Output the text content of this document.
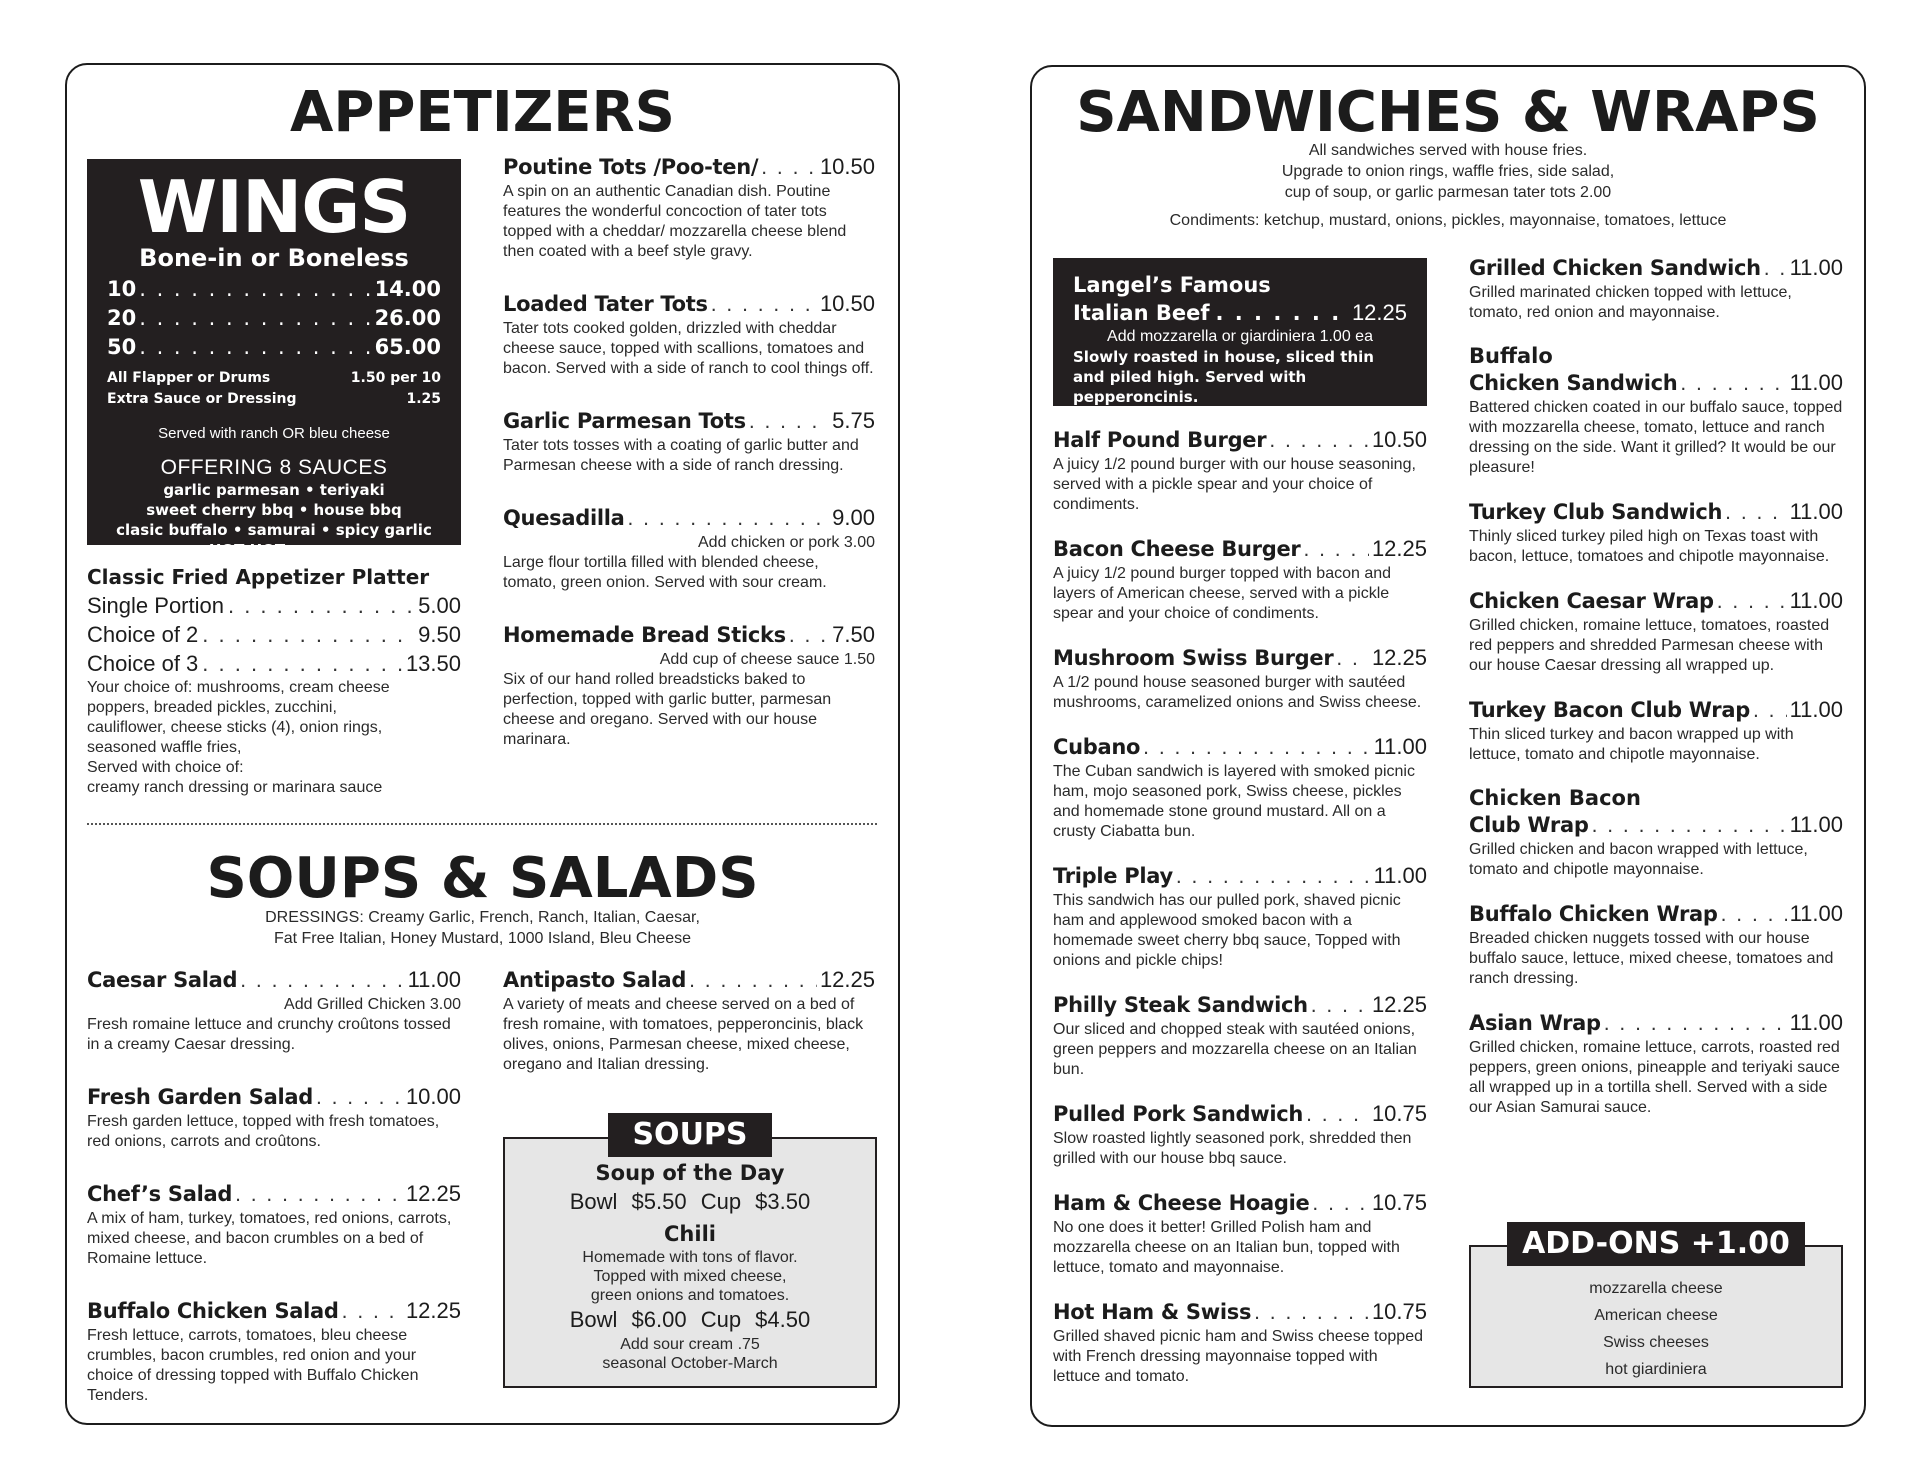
APPETIZERS
WINGS
Bone-in or Boneless
10 . . .	14.00
20 . . .	26.00
50 . . .	65.00
All Flapper or Drums	1.50 per 10
Extra Sauce or Dressing	1.25
Served with ranch OR bleu cheese
OFFERING 8 SAUCES
garlic parmesan • teriyaki
sweet cherry bbq • house bbq
clasic buffalo • samurai • spicy garlic
HOT HOT sauce
Classic Fried Appetizer Platter
Single Portion . . .	5.00
Choice of 2 . . .	9.50
Choice of 3 . . .	13.50
Your choice of: mushrooms, cream cheese
poppers, breaded pickles, zucchini,
cauliflower, cheese sticks (4), onion rings,
seasoned waffle fries,
Served with choice of:
creamy ranch dressing or marinara sauce
Poutine Tots /Poo-ten/ . . .	10.50
A spin on an authentic Canadian dish. Poutine features the wonderful concoction of tater tots topped with a cheddar/ mozzarella cheese blend then coated with a beef style gravy.
Loaded Tater Tots . . .	10.50
Tater tots cooked golden, drizzled with cheddar cheese sauce, topped with scallions, tomatoes and bacon. Served with a side of ranch to cool things off.
Garlic Parmesan Tots . . .	5.75
Tater tots tosses with a coating of garlic butter and Parmesan cheese with a side of ranch dressing.
Quesadilla . . .	9.00
Add chicken or pork 3.00
Large flour tortilla filled with blended cheese, tomato, green onion. Served with sour cream.
Homemade Bread Sticks . . . 7.50
Add cup of cheese sauce 1.50
Six of our hand rolled breadsticks baked to perfection, topped with garlic butter, parmesan cheese and oregano. Served with our house marinara.
SOUPS & SALADS
DRESSINGS: Creamy Garlic, French, Ranch, Italian, Caesar,
Fat Free Italian, Honey Mustard, 1000 Island, Bleu Cheese
Caesar Salad . . .	11.00
Add Grilled Chicken 3.00
Fresh romaine lettuce and crunchy croûtons tossed in a creamy Caesar dressing.
Fresh Garden Salad . . .	10.00
Fresh garden lettuce, topped with fresh tomatoes, red onions, carrots and croûtons.
Chef’s Salad . . .	12.25
A mix of ham, turkey, tomatoes, red onions, carrots, mixed cheese, and bacon crumbles on a bed of Romaine lettuce.
Buffalo Chicken Salad . . .	12.25
Fresh lettuce, carrots, tomatoes, bleu cheese crumbles, bacon crumbles, red onion and your choice of dressing topped with Buffalo Chicken Tenders.
Antipasto Salad . . .	12.25
A variety of meats and cheese served on a bed of fresh romaine, with tomatoes, pepperoncinis, black olives, onions, Parmesan cheese, mixed cheese, oregano and Italian dressing.
Soup of the Day
Bowl $5.50 Cup $3.50
Chili
Homemade with tons of flavor.
Topped with mixed cheese,
green onions and tomatoes.
Bowl $6.00 Cup $4.50
Add sour cream .75
seasonal October-March
SOUPS
SANDWICHES & WRAPS
All sandwiches served with house fries.
Upgrade to onion rings, waffle fries, side salad,
cup of soup, or garlic parmesan tater tots 2.00
Condiments: ketchup, mustard, onions, pickles, mayonnaise, tomatoes, lettuce
Langel’s Famous
Italian Beef . . .	12.25
Add mozzarella or giardiniera 1.00 ea
Slowly roasted in house, sliced thin and piled high. Served with pepperoncinis.
Half Pound Burger . . .	10.50
A juicy 1/2 pound burger with our house seasoning, served with a pickle spear and your choice of condiments.
Bacon Cheese Burger . . .	12.25
A juicy 1/2 pound burger topped with bacon and layers of American cheese, served with a pickle spear and your choice of condiments.
Mushroom Swiss Burger . . . 12.25
A 1/2 pound house seasoned burger with sautéed mushrooms, caramelized onions and Swiss cheese.
Cubano . . .	11.00
The Cuban sandwich is layered with smoked picnic ham, mojo seasoned pork, Swiss cheese, pickles and homemade stone ground mustard. All on a crusty Ciabatta bun.
Triple Play . . .	11.00
This sandwich has our pulled pork, shaved picnic ham and applewood smoked bacon with a homemade sweet cherry bbq sauce, Topped with onions and pickle chips!
Philly Steak Sandwich . . .	12.25
Our sliced and chopped steak with sautéed onions, green peppers and mozzarella cheese on an Italian bun.
Pulled Pork Sandwich . . .	10.75
Slow roasted lightly seasoned pork, shredded then grilled with our house bbq sauce.
Ham & Cheese Hoagie . . .	10.75
No one does it better! Grilled Polish ham and mozzarella cheese on an Italian bun, topped with lettuce, tomato and mayonnaise.
Hot Ham & Swiss . . .	10.75
Grilled shaved picnic ham and Swiss cheese topped with French dressing mayonnaise topped with lettuce and tomato.
Grilled Chicken Sandwich . . . 11.00
Grilled marinated chicken topped with lettuce, tomato, red onion and mayonnaise.
Buffalo
Chicken Sandwich . . .	11.00
Battered chicken coated in our buffalo sauce, topped with mozzarella cheese, tomato, lettuce and ranch dressing on the side. Want it grilled? It would be our pleasure!
Turkey Club Sandwich . . .	11.00
Thinly sliced turkey piled high on Texas toast with bacon, lettuce, tomatoes and chipotle mayonnaise.
Chicken Caesar Wrap . . .	11.00
Grilled chicken, romaine lettuce, tomatoes, roasted red peppers and shredded Parmesan cheese with our house Caesar dressing all wrapped up.
Turkey Bacon Club Wrap . . . 11.00
Thin sliced turkey and bacon wrapped up with lettuce, tomato and chipotle mayonnaise.
Chicken Bacon
Club Wrap . . .	11.00
Grilled chicken and bacon wrapped with lettuce, tomato and chipotle mayonnaise.
Buffalo Chicken Wrap . . .	11.00
Breaded chicken nuggets tossed with our house buffalo sauce, lettuce, mixed cheese, tomatoes and ranch dressing.
Asian Wrap . . .	11.00
Grilled chicken, romaine lettuce, carrots, roasted red peppers, green onions, pineapple and teriyaki sauce all wrapped up in a tortilla shell. Served with a side our Asian Samurai sauce.
mozzarella cheese
American cheese
Swiss cheeses
hot giardiniera
ADD-ONS +1.00
